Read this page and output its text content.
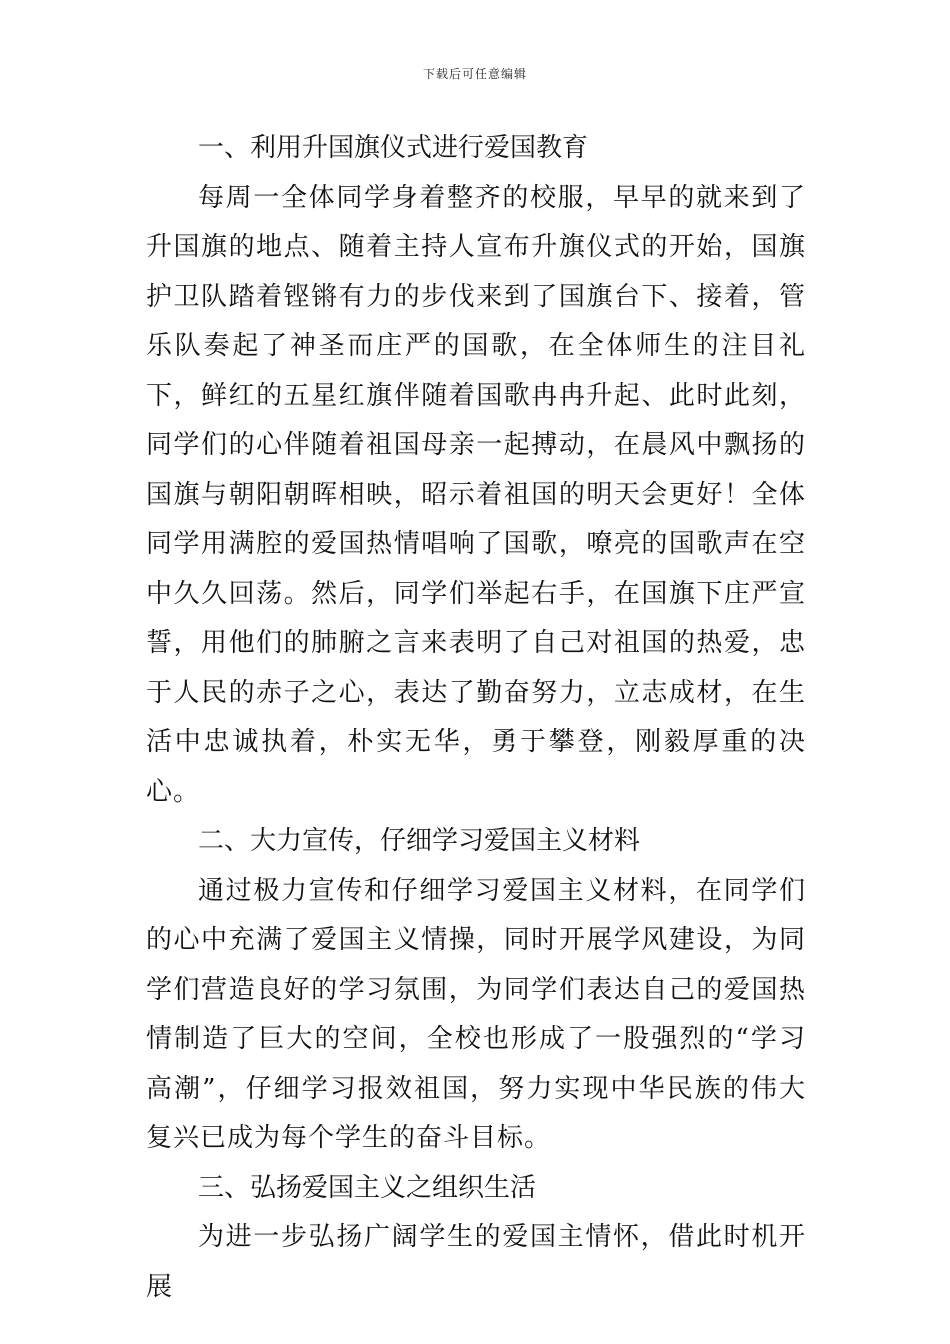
下载后可任意编辑
一、利用升国旗仪式进行爱国教育

每周一全体同学身着整齐的校服，早早的就来到了升国旗的地点、随着主持人宣布升旗仪式的开始，国旗护卫队踏着铿锵有力的步伐来到了国旗台下、接着，管乐队奏起了神圣而庄严的国歌，在全体师生的注目礼下，鲜红的五星红旗伴随着国歌冉冉升起、此时此刻，同学们的心伴随着祖国母亲一起搏动，在晨风中飘扬的国旗与朝阳朝晖相映，昭示着祖国的明天会更好！全体同学用满腔的爱国热情唱响了国歌，嘹亮的国歌声在空中久久回荡。然后，同学们举起右手，在国旗下庄严宣誓，用他们的肺腑之言来表明了自己对祖国的热爱，忠于人民的赤子之心，表达了勤奋努力，立志成材，在生活中忠诚执着，朴实无华，勇于攀登，刚毅厚重的决心。

二、大力宣传，仔细学习爱国主义材料

通过极力宣传和仔细学习爱国主义材料，在同学们的心中充满了爱国主义情操，同时开展学风建设，为同学们营造良好的学习氛围，为同学们表达自己的爱国热情制造了巨大的空间，全校也形成了一股强烈的“学习高潮”，仔细学习报效祖国，努力实现中华民族的伟大复兴已成为每个学生的奋斗目标。

三、弘扬爱国主义之组织生活

为进一步弘扬广阔学生的爱国主情怀，借此时机开展
